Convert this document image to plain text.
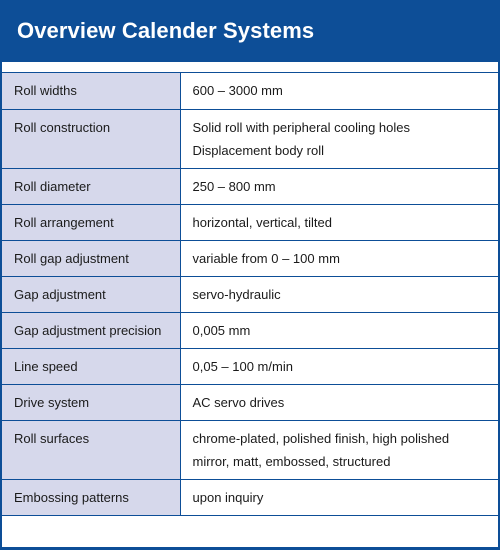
Overview Calender Systems
Roll widths	600 – 3000 mm

Roll construction	Solid roll with peripheral cooling holes
Displacement body roll

Roll diameter	250 – 800 mm

Roll arrangement	horizontal, vertical, tilted

Roll gap adjustment	variable from 0 – 100 mm

Gap adjustment	servo-hydraulic

Gap adjustment precision	0,005 mm

Line speed	0,05 – 100 m/min

Drive system	AC servo drives

Roll surfaces	chrome-plated, polished finish, high polished
mirror, matt, embossed, structured

Embossing patterns	upon inquiry
